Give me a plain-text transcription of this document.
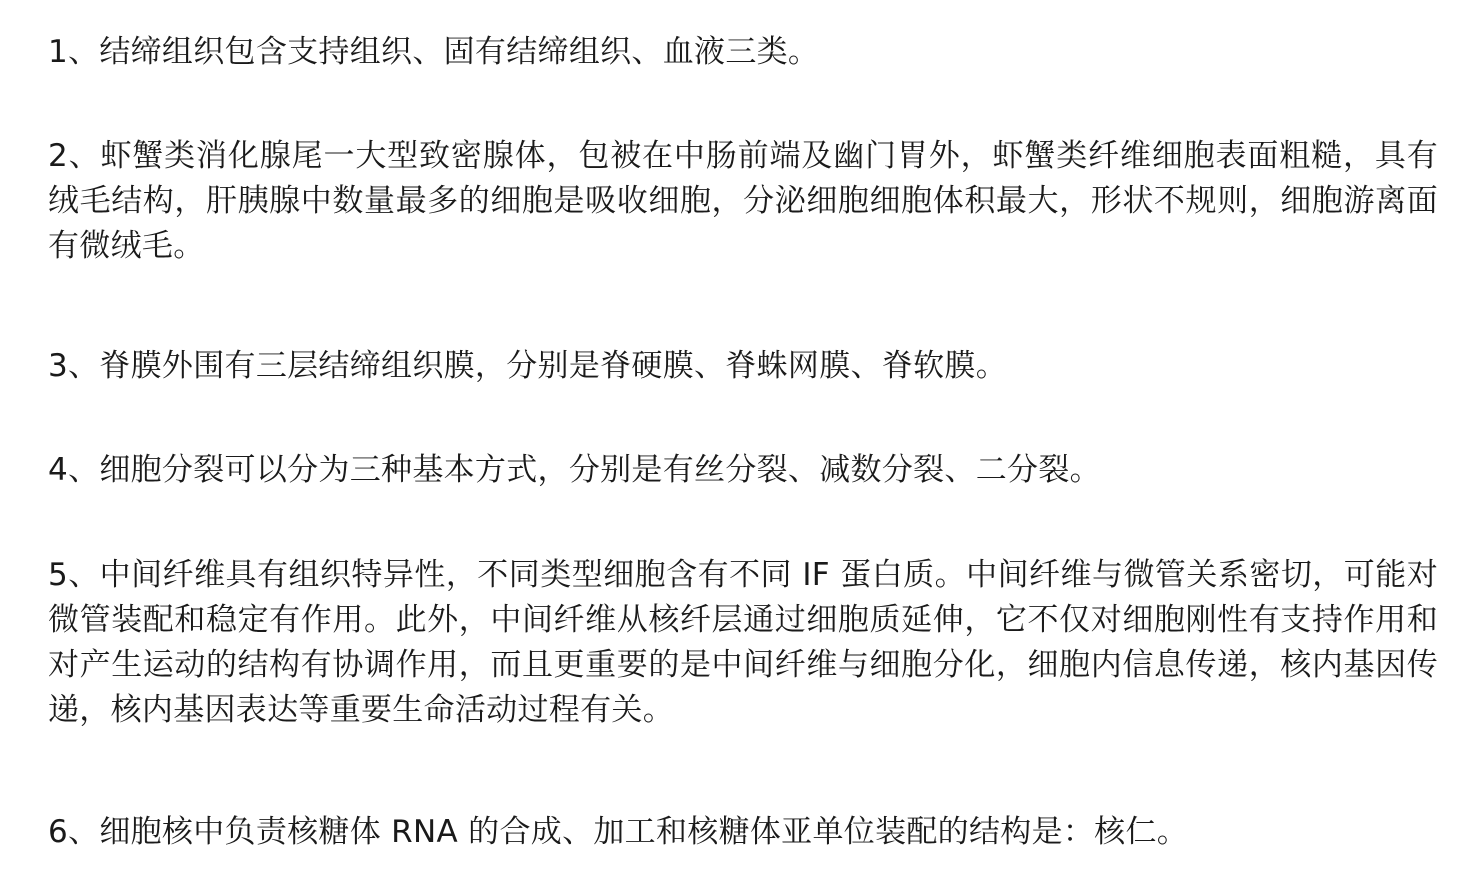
1、结缔组织包含支持组织、固有结缔组织、血液三类。

2、虾蟹类消化腺尾一大型致密腺体，包被在中肠前端及幽门胃外，虾蟹类纤维细胞表面粗糙，具有绒毛结构，肝胰腺中数量最多的细胞是吸收细胞，分泌细胞细胞体积最大，形状不规则，细胞游离面有微绒毛。

3、脊膜外围有三层结缔组织膜，分别是脊硬膜、脊蛛网膜、脊软膜。

4、细胞分裂可以分为三种基本方式，分别是有丝分裂、减数分裂、二分裂。

5、中间纤维具有组织特异性，不同类型细胞含有不同 IF 蛋白质。中间纤维与微管关系密切，可能对微管装配和稳定有作用。此外，中间纤维从核纤层通过细胞质延伸，它不仅对细胞刚性有支持作用和对产生运动的结构有协调作用，而且更重要的是中间纤维与细胞分化，细胞内信息传递，核内基因传递，核内基因表达等重要生命活动过程有关。

6、细胞核中负责核糖体 RNA 的合成、加工和核糖体亚单位装配的结构是：核仁。
